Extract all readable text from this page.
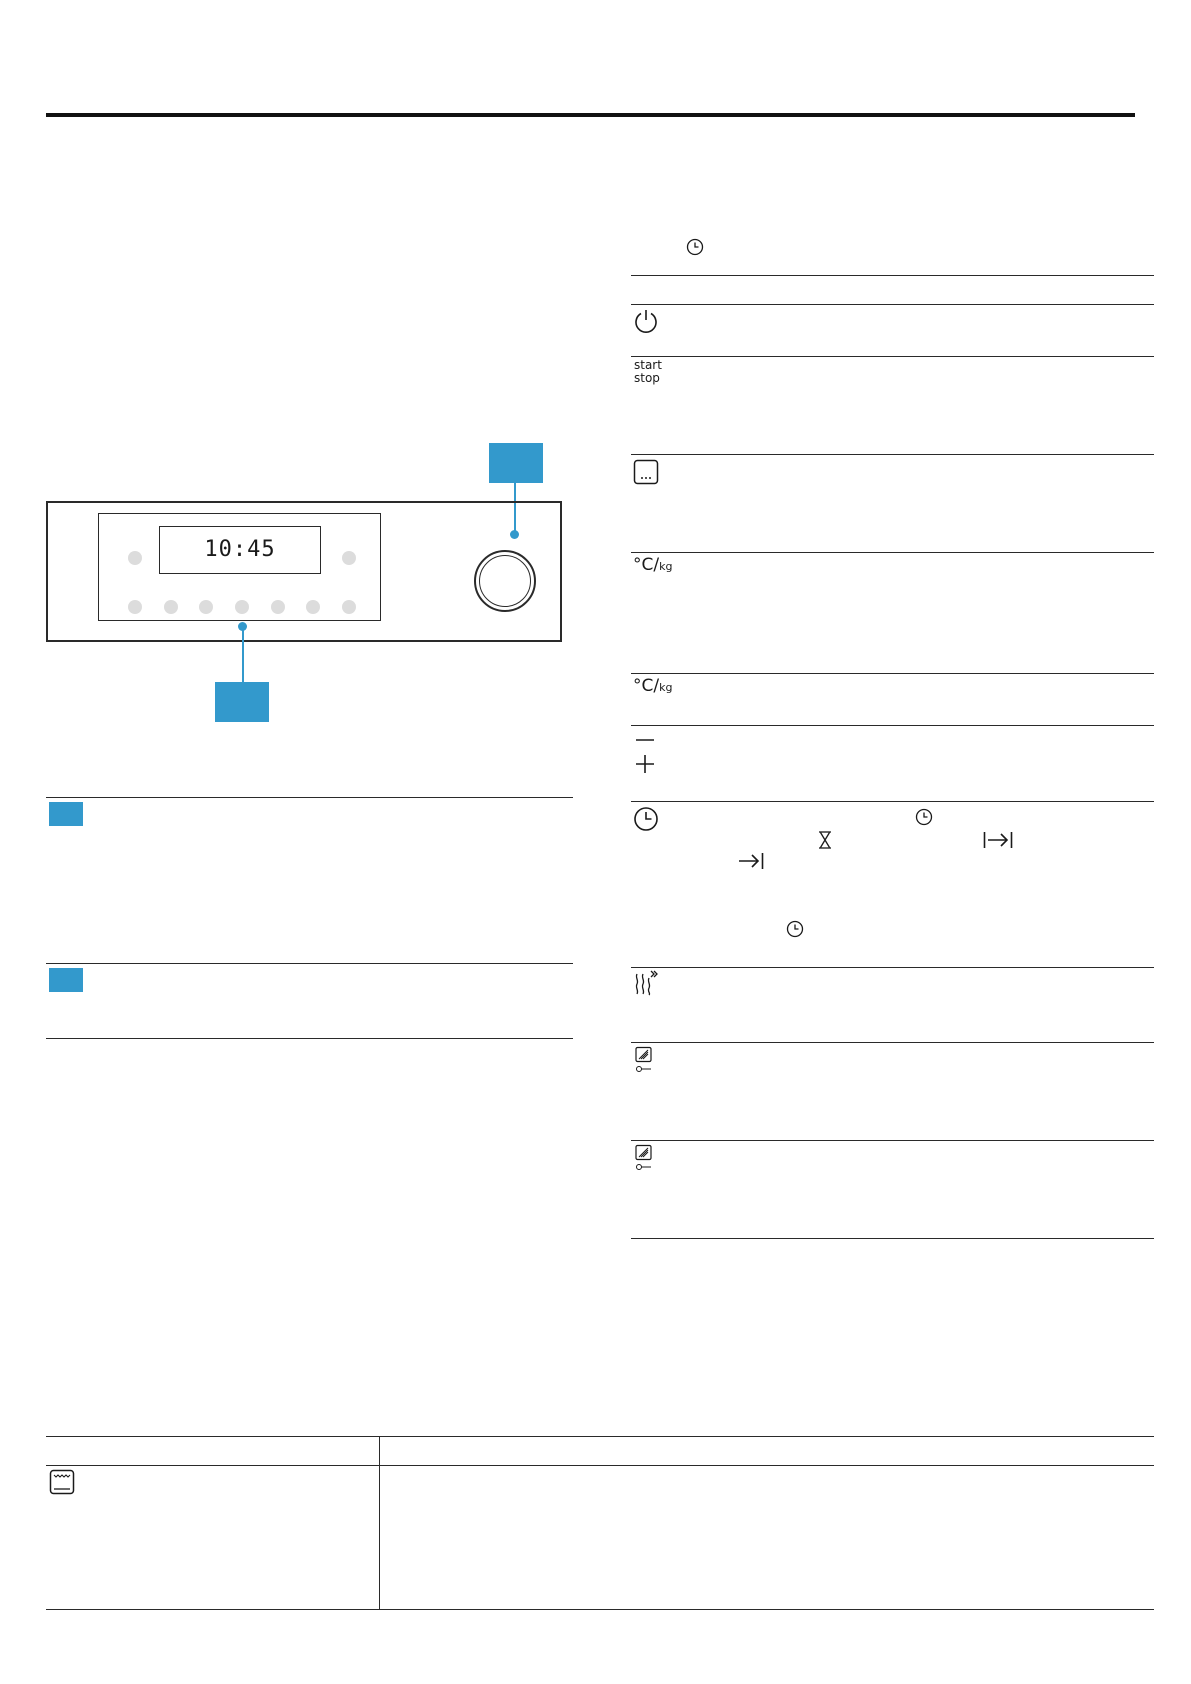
start
stop
°C/kg
°C/kg
10:45
